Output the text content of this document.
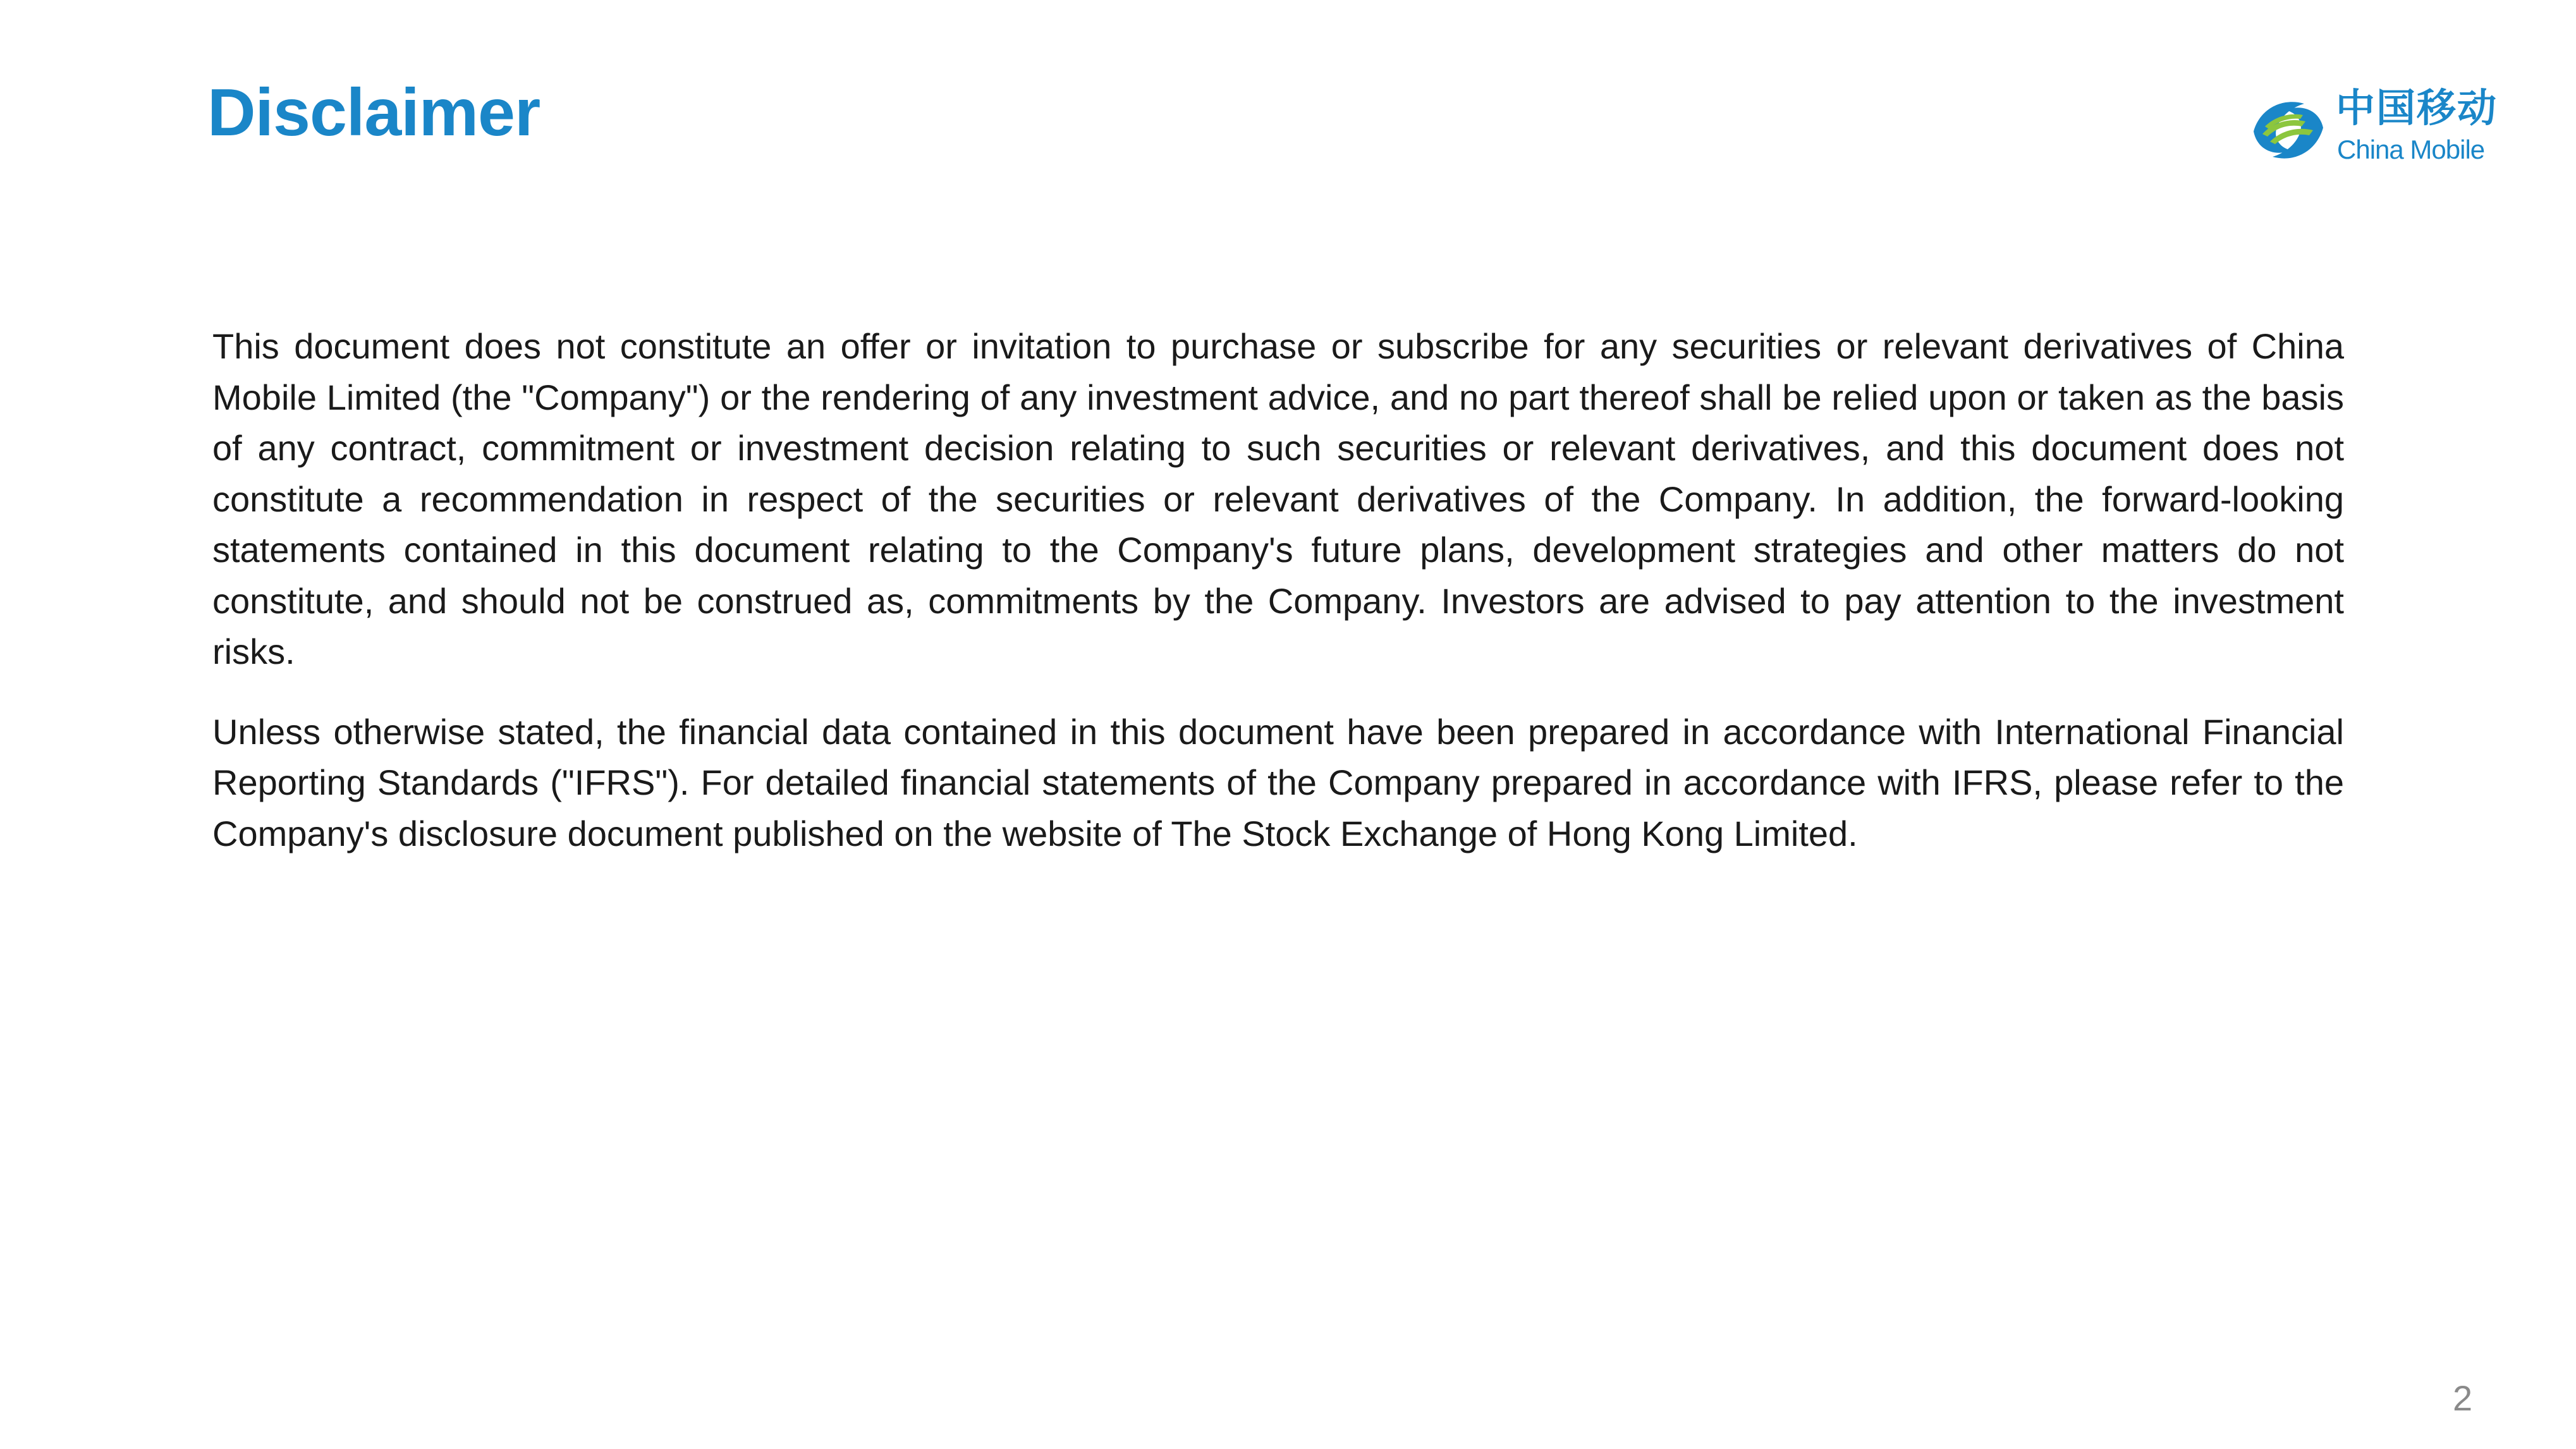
Disclaimer	中国移动
China Mobile

This document does not constitute an offer or invitation to purchase or subscribe for any securities or relevant derivatives of China Mobile Limited (the "Company") or the rendering of any investment advice, and no part thereof shall be relied upon or taken as the basis of any contract, commitment or investment decision relating to such securities or relevant derivatives, and this document does not constitute a recommendation in respect of the securities or relevant derivatives of the Company. In addition, the forward-looking statements contained in this document relating to the Company's future plans, development strategies and other matters do not constitute, and should not be construed as, commitments by the Company. Investors are advised to pay attention to the investment risks.

Unless otherwise stated, the financial data contained in this document have been prepared in accordance with International Financial Reporting Standards ("IFRS"). For detailed financial statements of the Company prepared in accordance with IFRS, please refer to the Company's disclosure document published on the website of The Stock Exchange of Hong Kong Limited.

2
